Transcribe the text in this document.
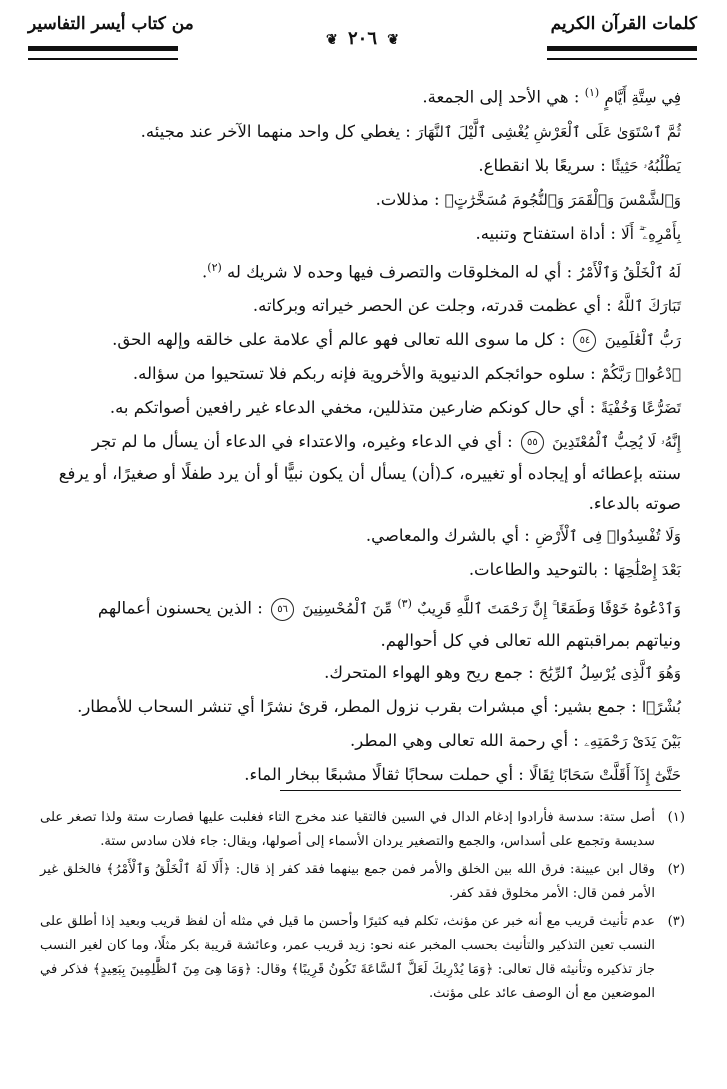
كلمات القرآن الكريم
❦ ٢٠٦ ❦
من كتاب أيسر التفاسير

فِي سِتَّةِ أَيَّامٍ $^{(١)}$ : هي الأحد إلى الجمعة.

ثُمَّ ٱسْتَوَىٰ عَلَى ٱلْعَرْشِ يُغْشِى ٱلَّيْلَ ٱلنَّهَارَ : يغطي كل واحد منهما الآخر عند مجيئه.

يَطْلُبُهُۥ حَثِيثًا : سريعًا بلا انقطاع.

وَٱلشَّمْسَ وَٱلْقَمَرَ وَٱلنُّجُومَ مُسَخَّرَٰتٍۭ : مذللات.

بِأَمْرِهِۦٓ ۗ أَلَا : أداة استفتاح وتنبيه.

لَهُ ٱلْخَلْقُ وَٱلْأَمْرُ : أي له المخلوقات والتصرف فيها وحده لا شريك له $^{(٢)}$.

تَبَارَكَ ٱللَّهُ : أي عظمت قدرته، وجلت عن الحصر خيراته وبركاته.

رَبُّ ٱلْعَٰلَمِينَ ٥٤ : كل ما سوى الله تعالى فهو عالم أي علامة على خالقه وإلهه الحق.

ٱدْعُوا۟ رَبَّكُمْ : سلوه حوائجكم الدنيوية والأخروية فإنه ربكم فلا تستحيوا من سؤاله.

تَضَرُّعًا وَخُفْيَةً : أي حال كونكم ضارعين متذللين، مخفي الدعاء غير رافعين أصواتكم به.

إِنَّهُۥ لَا يُحِبُّ ٱلْمُعْتَدِينَ ٥٥ : أي في الدعاء وغيره، والاعتداء في الدعاء أن يسأل ما لم تجر

سنته بإعطائه أو إيجاده أو تغييره، كـ(أن) يسأل أن يكون نبيًّا أو أن يرد طفلًا أو صغيرًا، أو يرفع

صوته بالدعاء.

وَلَا تُفْسِدُوا۟ فِى ٱلْأَرْضِ : أي بالشرك والمعاصي.

بَعْدَ إِصْلَٰحِهَا : بالتوحيد والطاعات.

وَٱدْعُوهُ خَوْفًا وَطَمَعًا ۚ إِنَّ رَحْمَتَ ٱللَّهِ قَرِيبٌ $^{(٣)}$ مِّنَ ٱلْمُحْسِنِينَ ٥٦ : الذين يحسنون أعمالهم

ونياتهم بمراقبتهم الله تعالى في كل أحوالهم.

وَهُوَ ٱلَّذِى يُرْسِلُ ٱلرِّيَٰحَ : جمع ريح وهو الهواء المتحرك.

بُشْرًۢا : جمع بشير: أي مبشرات بقرب نزول المطر، قرئ نشرًا أي تنشر السحاب للأمطار.

بَيْنَ يَدَىْ رَحْمَتِهِۦ : أي رحمة الله تعالى وهي المطر.

حَتَّىٰٓ إِذَآ أَقَلَّتْ سَحَابًا ثِقَالًا : أي حملت سحابًا ثقالًا مشبعًا ببخار الماء.

(١)
أصل ستة: سدسة فأرادوا إدغام الدال في السين فالتقيا عند مخرج التاء فغلبت عليها فصارت ستة ولذا تصغر على سديسة وتجمع على أسداس، والجمع والتصغير يردان الأسماء إلى أصولها، ويقال: جاء فلان سادس ستة.
(٢)
وقال ابن عيينة: فرق الله بين الخلق والأمر فمن جمع بينهما فقد كفر إذ قال: ﴿أَلَا لَهُ ٱلْخَلْقُ وَٱلْأَمْرُ﴾ فالخلق غير الأمر فمن قال: الأمر مخلوق فقد كفر.
(٣)
عدم تأنيث قريب مع أنه خبر عن مؤنث، تكلم فيه كثيرًا وأحسن ما قيل في مثله أن لفظ قريب وبعيد إذا أطلق على النسب تعين التذكير والتأنيث بحسب المخبر عنه نحو: زيد قريب عمر، وعائشة قريبة بكر مثلًا، وما كان لغير النسب جاز تذكيره وتأنيثه قال تعالى: ﴿وَمَا يُدْرِيكَ لَعَلَّ ٱلسَّاعَةَ تَكُونُ قَرِيبًا﴾ وقال: ﴿وَمَا هِىَ مِنَ ٱلظَّٰلِمِينَ بِبَعِيدٍ﴾ فذكر في الموضعين مع أن الوصف عائد على مؤنث.
